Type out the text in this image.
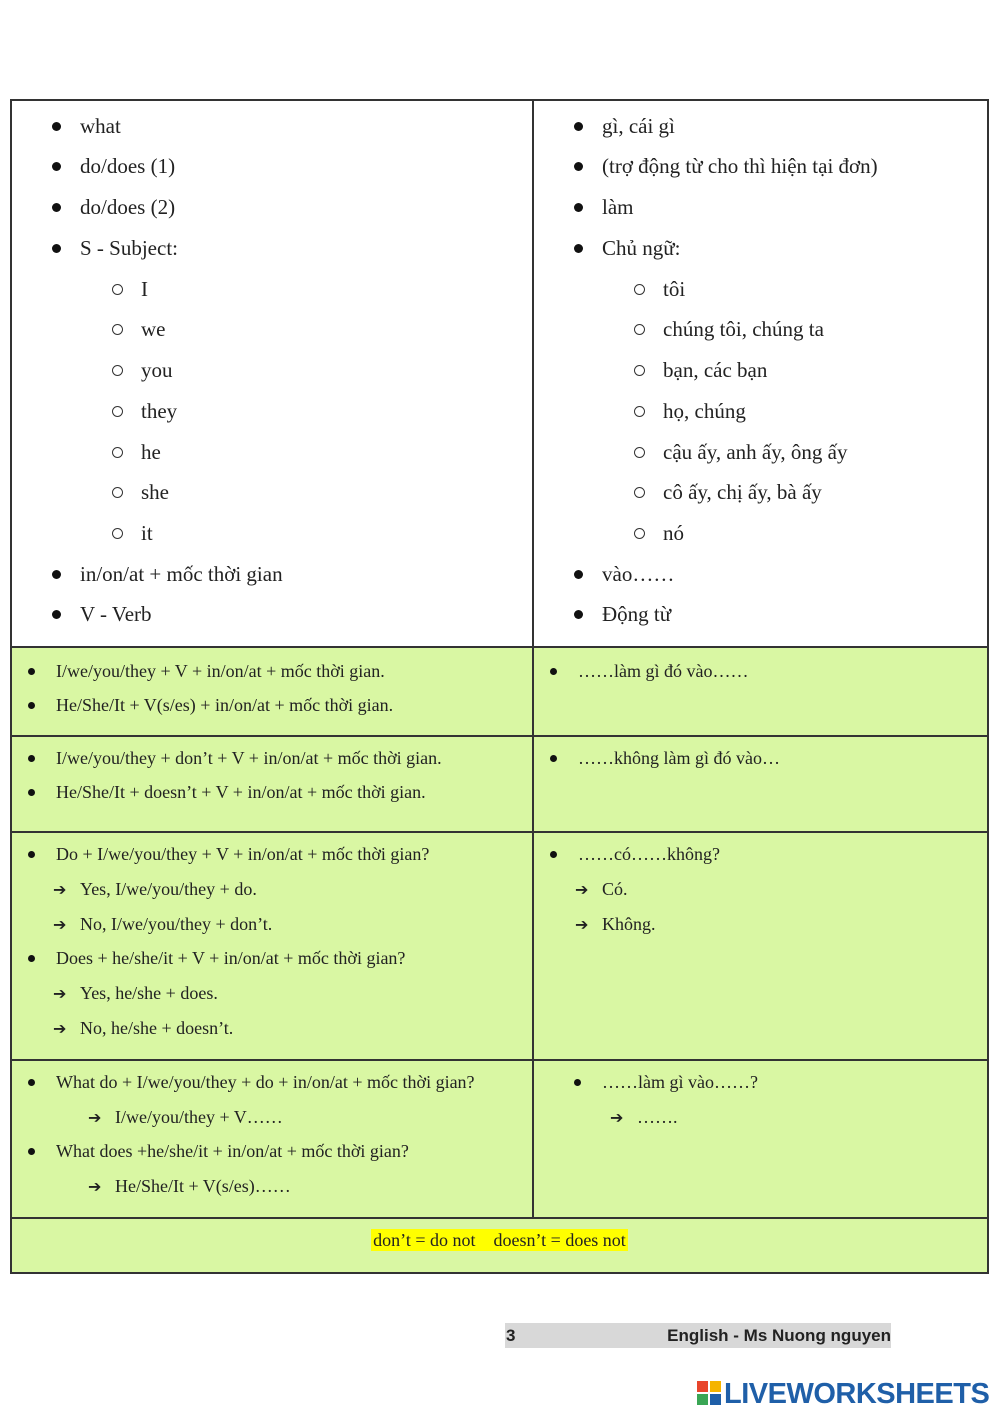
what
do/does (1)
do/does (2)
S - Subject:
I
we
you
they
he
she
it
in/on/at + mốc thời gian
V - Verb
gì, cái gì
(trợ động từ cho thì hiện tại đơn)
làm
Chủ ngữ:
tôi
chúng tôi, chúng ta
bạn, các bạn
họ, chúng
cậu ấy, anh ấy, ông ấy
cô ấy, chị ấy, bà ấy
nó
vào……
Động từ
I/we/you/they + V + in/on/at + mốc thời gian.
He/She/It + V(s/es) + in/on/at + mốc thời gian.
……làm gì đó vào……
I/we/you/they + don’t + V + in/on/at + mốc thời gian.
He/She/It + doesn’t + V + in/on/at + mốc thời gian.
……không làm gì đó vào…
Do + I/we/you/they + V + in/on/at + mốc thời gian?
➔ Yes, I/we/you/they + do.
➔ No, I/we/you/they + don’t.
Does + he/she/it + V + in/on/at + mốc thời gian?
➔ Yes, he/she + does.
➔ No, he/she + doesn’t.
……có……không?
➔ Có.
➔ Không.
What do + I/we/you/they + do + in/on/at + mốc thời gian?
➔ I/we/you/they + V……
What does +he/she/it + in/on/at + mốc thời gian?
➔ He/She/It + V(s/es)……
……làm gì vào……?
➔ …….
don’t = do not doesn’t = does not
3	English - Ms Nuong nguyen
LIVEWORKSHEETS
